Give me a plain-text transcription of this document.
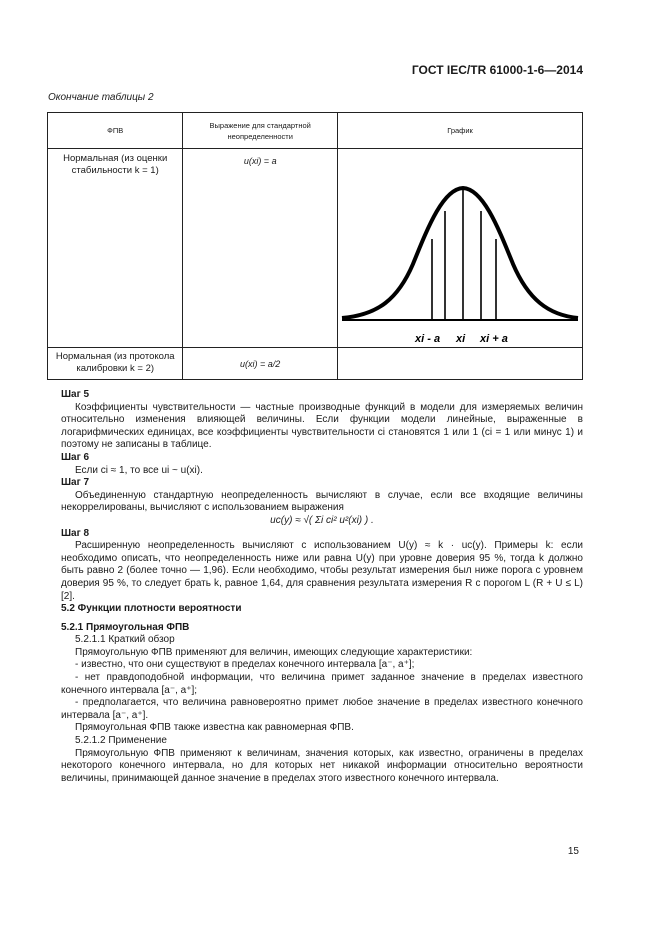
ГОСТ IEC/TR 61000-1-6—2014
Окончание таблицы 2
ФПВ	Выражение для стандартной неопределенности	График

Нормальная (из оценки стабильности k = 1)	u(xi) = a	xi - a xi xi + a

Нормальная (из протокола калибровки k = 2)	u(xi) = a/2	

Шаг 5

Коэффициенты чувствительности — частные производные функций в модели для измеряемых величин относительно изменения влияющей величины. Если функции модели линейные, выраженные в логарифмических единицах, все коэффициенты чувствительности ci становятся 1 или 1 (ci = 1 или минус 1) и поэтому не записаны в таблице.

Шаг 6

Если ci ≈ 1, то все ui ~ u(xi).

Шаг 7

Объединенную стандартную неопределенность вычисляют в случае, если все входящие величины некоррелированы, вычисляют с использованием выражения

uc(y) ≈ √( Σi ci² u²(xi) ) .

Шаг 8

Расширенную неопределенность вычисляют с использованием U(y) ≈ k · uc(y). Примеры k: если необходимо описать, что неопределенность ниже или равна U(y) при уровне доверия 95 %, тогда k должно быть равно 2 (более точно — 1,96). Если необходимо, чтобы результат измерения был ниже порога с уровнем доверия 95 %, то следует брать k, равное 1,64, для сравнения результата измерения R с порогом L (R + U ≤ L) [2].

5.2 Функции плотности вероятности

5.2.1 Прямоугольная ФПВ

5.2.1.1 Краткий обзор

Прямоугольную ФПВ применяют для величин, имеющих следующие характеристики:

- известно, что они существуют в пределах конечного интервала [a⁻, a⁺];

- нет правдоподобной информации, что величина примет заданное значение в пределах известного конечного интервала [a⁻, a⁺];

- предполагается, что величина равновероятно примет любое значение в пределах известного конечного интервала [a⁻, a⁺].

Прямоугольная ФПВ также известна как равномерная ФПВ.

5.2.1.2 Применение

Прямоугольную ФПВ применяют к величинам, значения которых, как известно, ограничены в пределах некоторого конечного интервала, но для которых нет никакой информации относительно вероятности величины, принимающей данное значение в пределах этого известного конечного интервала.

15
